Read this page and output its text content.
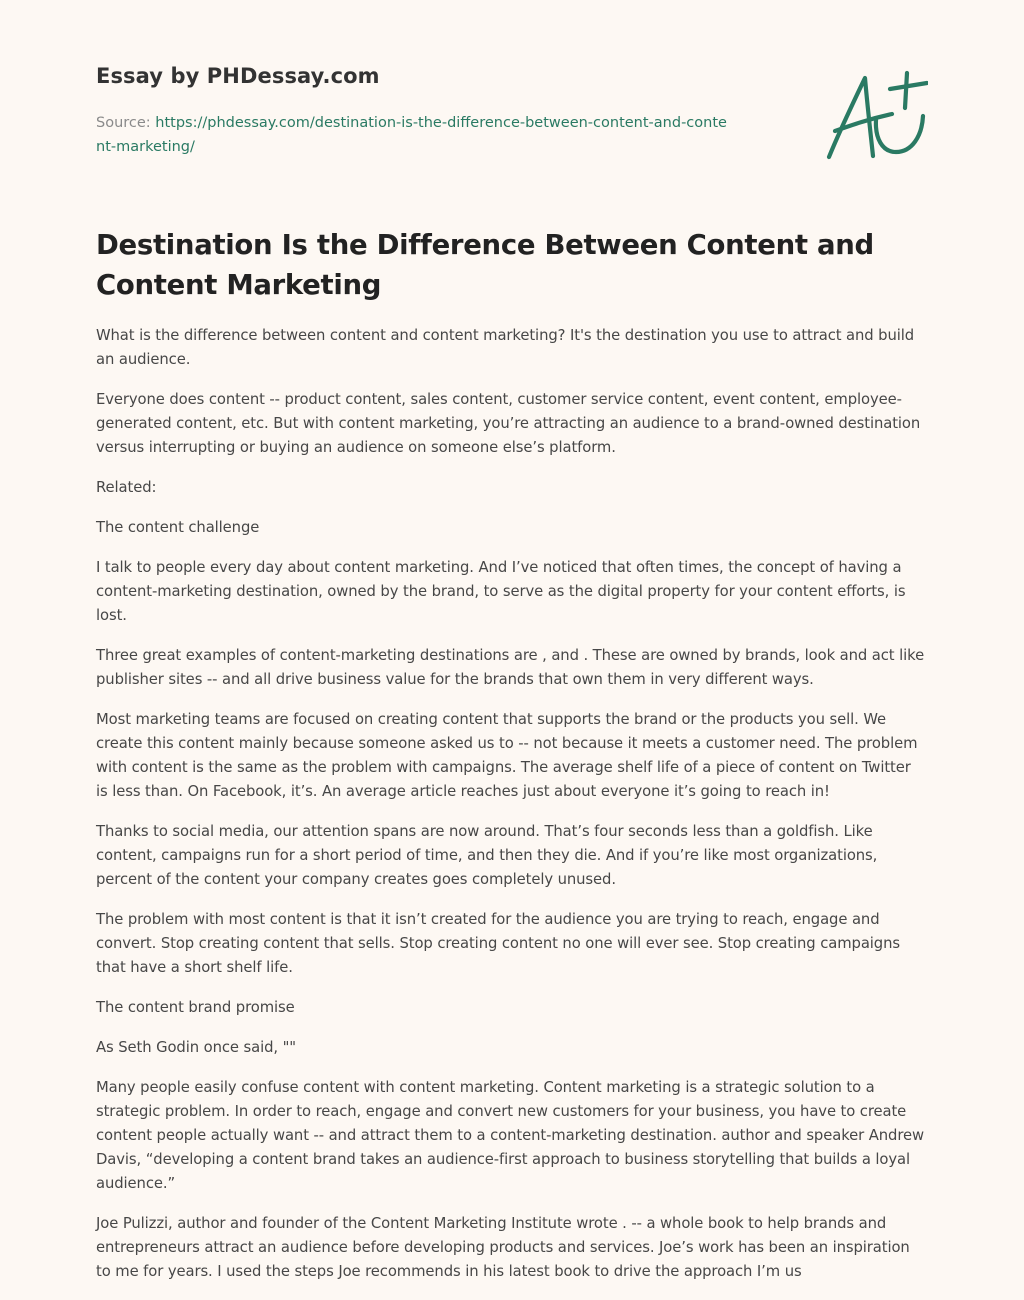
Essay by PHDessay.com
Source: https://phdessay.com/destination-is-the-difference-between-content-and-content-marketing/
Destination Is the Difference Between Content and Content Marketing

What is the difference between content and content marketing? It's the destination you use to attract and build an audience.

Everyone does content -- product content, sales content, customer service content, event content, employee-generated content, etc. But with content marketing, you’re attracting an audience to a brand-owned destination versus interrupting or buying an audience on someone else’s platform.

Related:

The content challenge

I talk to people every day about content marketing. And I’ve noticed that often times, the concept of having a content-marketing destination, owned by the brand, to serve as the digital property for your content efforts, is lost.

Three great examples of content-marketing destinations are , and . These are owned by brands, look and act like publisher sites -- and all drive business value for the brands that own them in very different ways.

Most marketing teams are focused on creating content that supports the brand or the products you sell. We create this content mainly because someone asked us to -- not because it meets a customer need. The problem with content is the same as the problem with campaigns. The average shelf life of a piece of content on Twitter is less than. On Facebook, it’s. An average article reaches just about everyone it’s going to reach in!

Thanks to social media, our attention spans are now around. That’s four seconds less than a goldfish. Like content, campaigns run for a short period of time, and then they die. And if you’re like most organizations, percent of the content your company creates goes completely unused.

The problem with most content is that it isn’t created for the audience you are trying to reach, engage and convert. Stop creating content that sells. Stop creating content no one will ever see. Stop creating campaigns that have a short shelf life.

The content brand promise

As Seth Godin once said, ""

Many people easily confuse content with content marketing. Content marketing is a strategic solution to a strategic problem. In order to reach, engage and convert new customers for your business, you have to create content people actually want -- and attract them to a content-marketing destination. author and speaker Andrew Davis, “developing a content brand takes an audience-first approach to business storytelling that builds a loyal audience.”

Joe Pulizzi, author and founder of the Content Marketing Institute wrote . -- a whole book to help brands and entrepreneurs attract an audience before developing products and services. Joe’s work has been an inspiration to me for years. I used the steps Joe recommends in his latest book to drive the approach I’m us
